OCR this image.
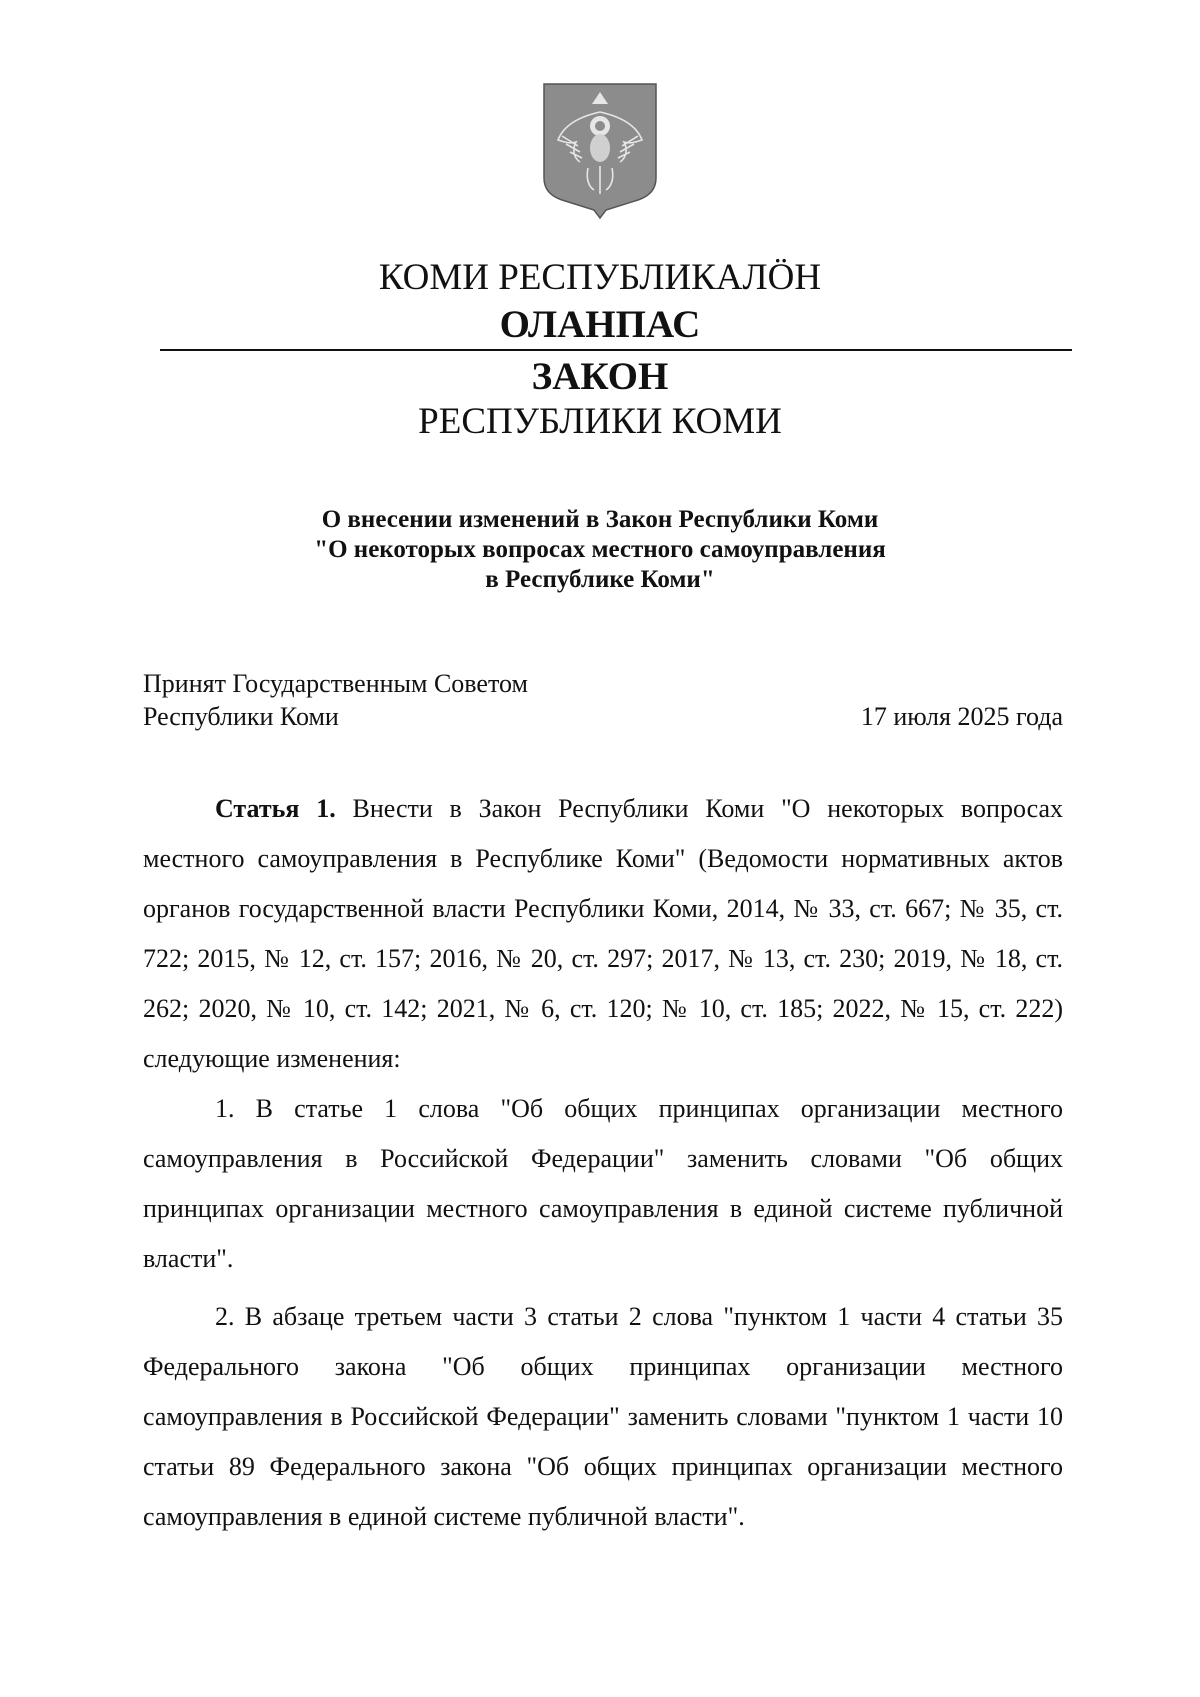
КОМИ РЕСПУБЛИКАЛӦН
ОЛАНПАС
ЗАКОН
РЕСПУБЛИКИ КОМИ
О внесении изменений в Закон Республики Коми
"О некоторых вопросах местного самоуправления
в Республике Коми"
Принят Государственным Советом
Республики Коми	17 июля 2025 года

Статья 1. Внести в Закон Республики Коми "О некоторых вопросах местного самоуправления в Республике Коми" (Ведомости нормативных актов органов государственной власти Республики Коми, 2014, № 33, ст. 667; № 35, ст. 722; 2015, № 12, ст. 157; 2016, № 20, ст. 297; 2017, № 13, ст. 230; 2019, № 18, ст. 262; 2020, № 10, ст. 142; 2021, № 6, ст. 120; № 10, ст. 185; 2022, № 15, ст. 222) следующие изменения:

1. В статье 1 слова "Об общих принципах организации местного самоуправления в Российской Федерации" заменить словами "Об общих принципах организации местного самоуправления в единой системе публичной власти".

2. В абзаце третьем части 3 статьи 2 слова "пунктом 1 части 4 статьи 35 Федерального закона "Об общих принципах организации местного самоуправления в Российской Федерации" заменить словами "пунктом 1 части 10 статьи 89 Федерального закона "Об общих принципах организации местного самоуправления в единой системе публичной власти".
